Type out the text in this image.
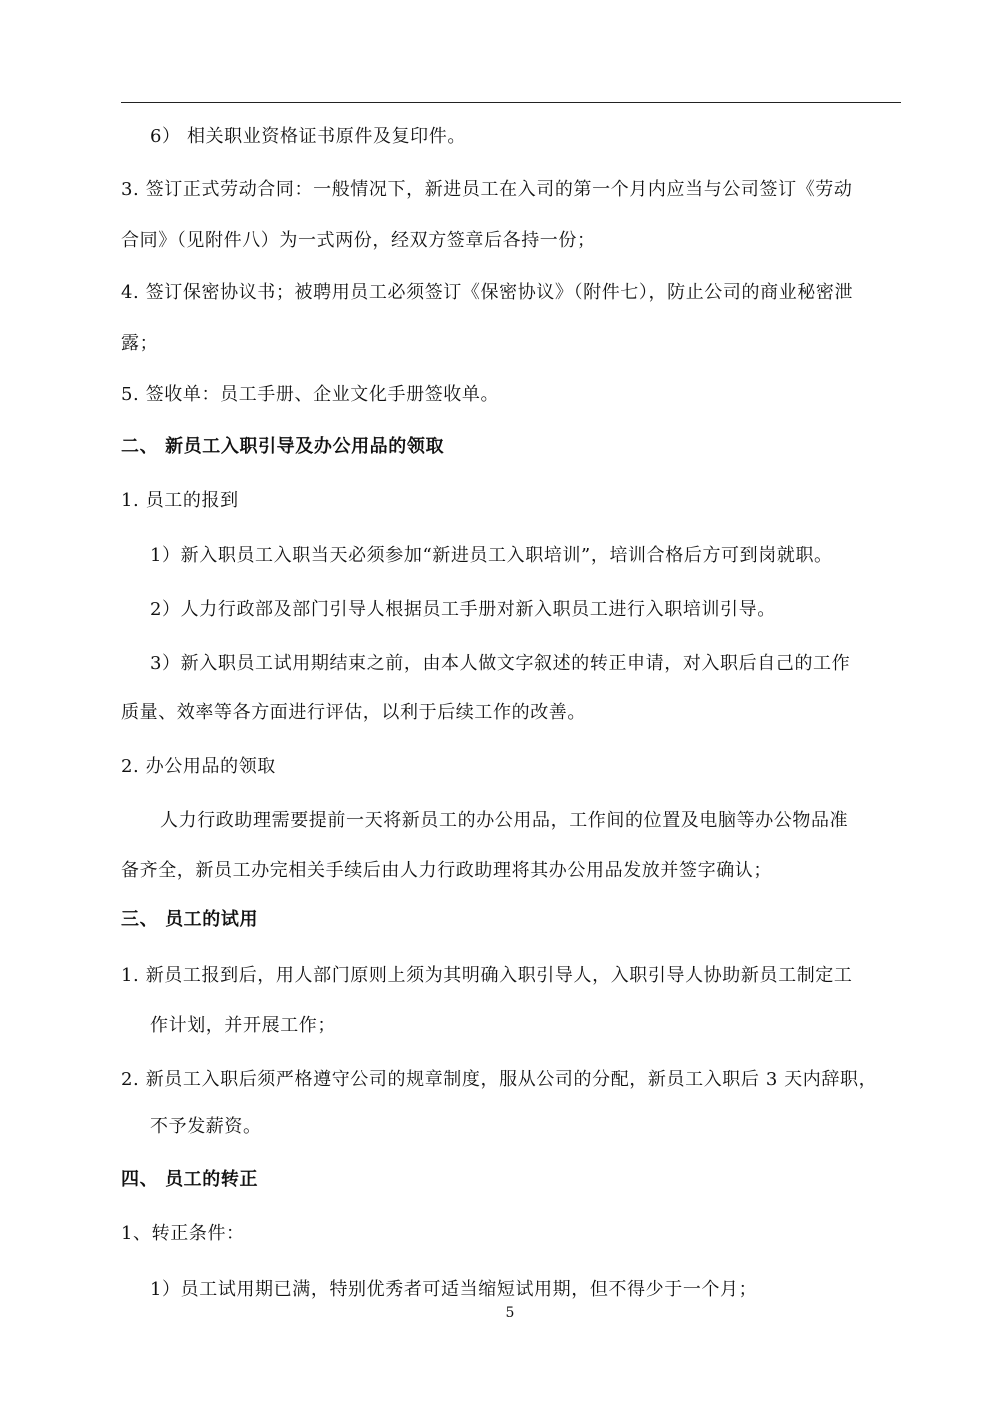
6） 相关职业资格证书原件及复印件。
3. 签订正式劳动合同：一般情况下，新进员工在入司的第一个月内应当与公司签订《劳动
合同》（见附件八）为一式两份，经双方签章后各持一份；
4. 签订保密协议书；被聘用员工必须签订《保密协议》（附件七），防止公司的商业秘密泄
露；
5. 签收单：员工手册、企业文化手册签收单。
二、 新员工入职引导及办公用品的领取
1. 员工的报到
1）新入职员工入职当天必须参加“新进员工入职培训”，培训合格后方可到岗就职。
2）人力行政部及部门引导人根据员工手册对新入职员工进行入职培训引导。
3）新入职员工试用期结束之前，由本人做文字叙述的转正申请，对入职后自己的工作
质量、效率等各方面进行评估，以利于后续工作的改善。
2. 办公用品的领取
人力行政助理需要提前一天将新员工的办公用品，工作间的位置及电脑等办公物品准
备齐全，新员工办完相关手续后由人力行政助理将其办公用品发放并签字确认；
三、 员工的试用
1. 新员工报到后，用人部门原则上须为其明确入职引导人，入职引导人协助新员工制定工
作计划，并开展工作；
2. 新员工入职后须严格遵守公司的规章制度，服从公司的分配，新员工入职后 3 天内辞职，
不予发薪资。
四、 员工的转正
1、转正条件：
1）员工试用期已满，特别优秀者可适当缩短试用期，但不得少于一个月；
5
